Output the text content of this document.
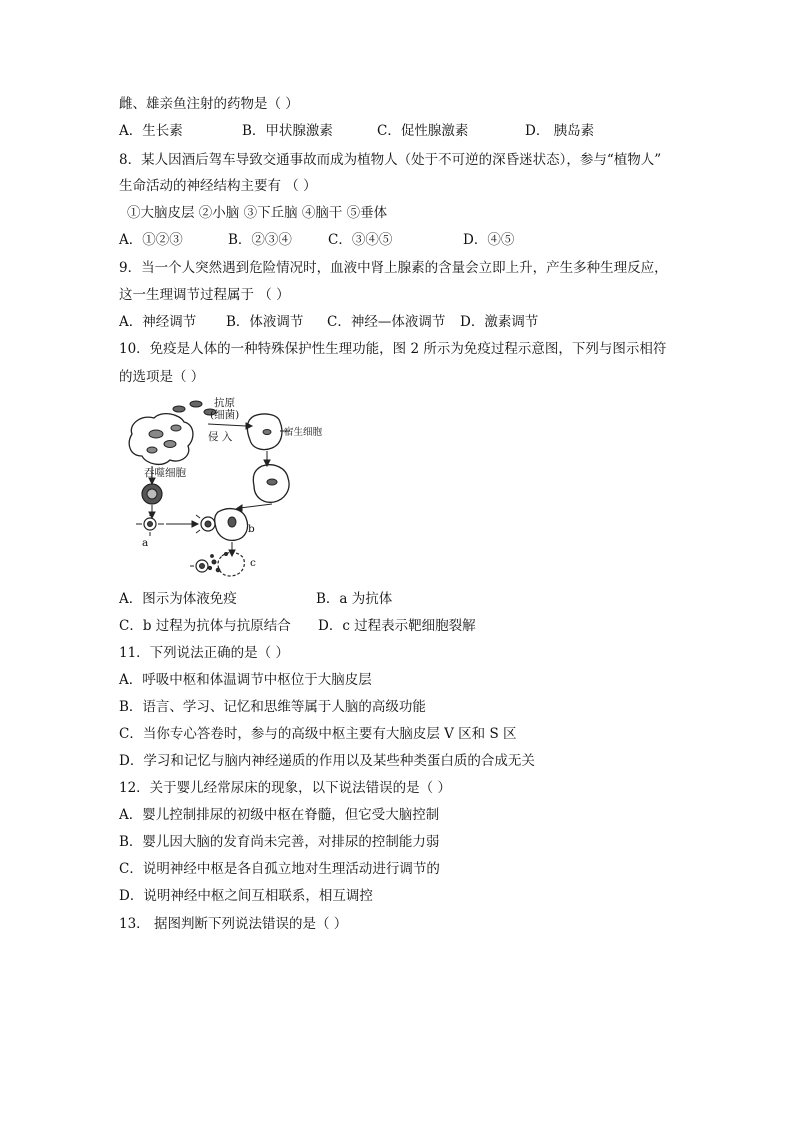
雌、雄亲鱼注射的药物是（ ）
A．生长素	B．甲状腺激素	C．促性腺激素	D． 胰岛素
8．某人因酒后驾车导致交通事故而成为植物人（处于不可逆的深昏迷状态），参与“植物人”
生命活动的神经结构主要有 （ ）
①大脑皮层 ②小脑 ③下丘脑 ④脑干 ⑤垂体
A．①②③	B．②③④	C．③④⑤	D．④⑤
9．当一个人突然遇到危险情况时，血液中肾上腺素的含量会立即上升，产生多种生理反应，
这一生理调节过程属于 （ ）
A．神经调节 B．体液调节 C．神经—体液调节 D．激素调节
10．免疫是人体的一种特殊保护性生理功能，图 2 所示为免疫过程示意图，下列与图示相符
的选项是（ ）
抗原
(细菌)
侵 入	宿生细胞
吞噬细胞
a
b
c
A．图示为体液免疫	B．a 为抗体
C．b 过程为抗体与抗原结合 D．c 过程表示靶细胞裂解
11．下列说法正确的是（ ）
A．呼吸中枢和体温调节中枢位于大脑皮层
B．语言、学习、记忆和思维等属于人脑的高级功能
C．当你专心答卷时，参与的高级中枢主要有大脑皮层 V 区和 S 区
D．学习和记忆与脑内神经递质的作用以及某些种类蛋白质的合成无关
12．关于婴儿经常尿床的现象，以下说法错误的是（ ）
A．婴儿控制排尿的初级中枢在脊髓，但它受大脑控制
B．婴儿因大脑的发育尚未完善，对排尿的控制能力弱
C．说明神经中枢是各自孤立地对生理活动进行调节的
D．说明神经中枢之间互相联系，相互调控
13． 据图判断下列说法错误的是（ ）
